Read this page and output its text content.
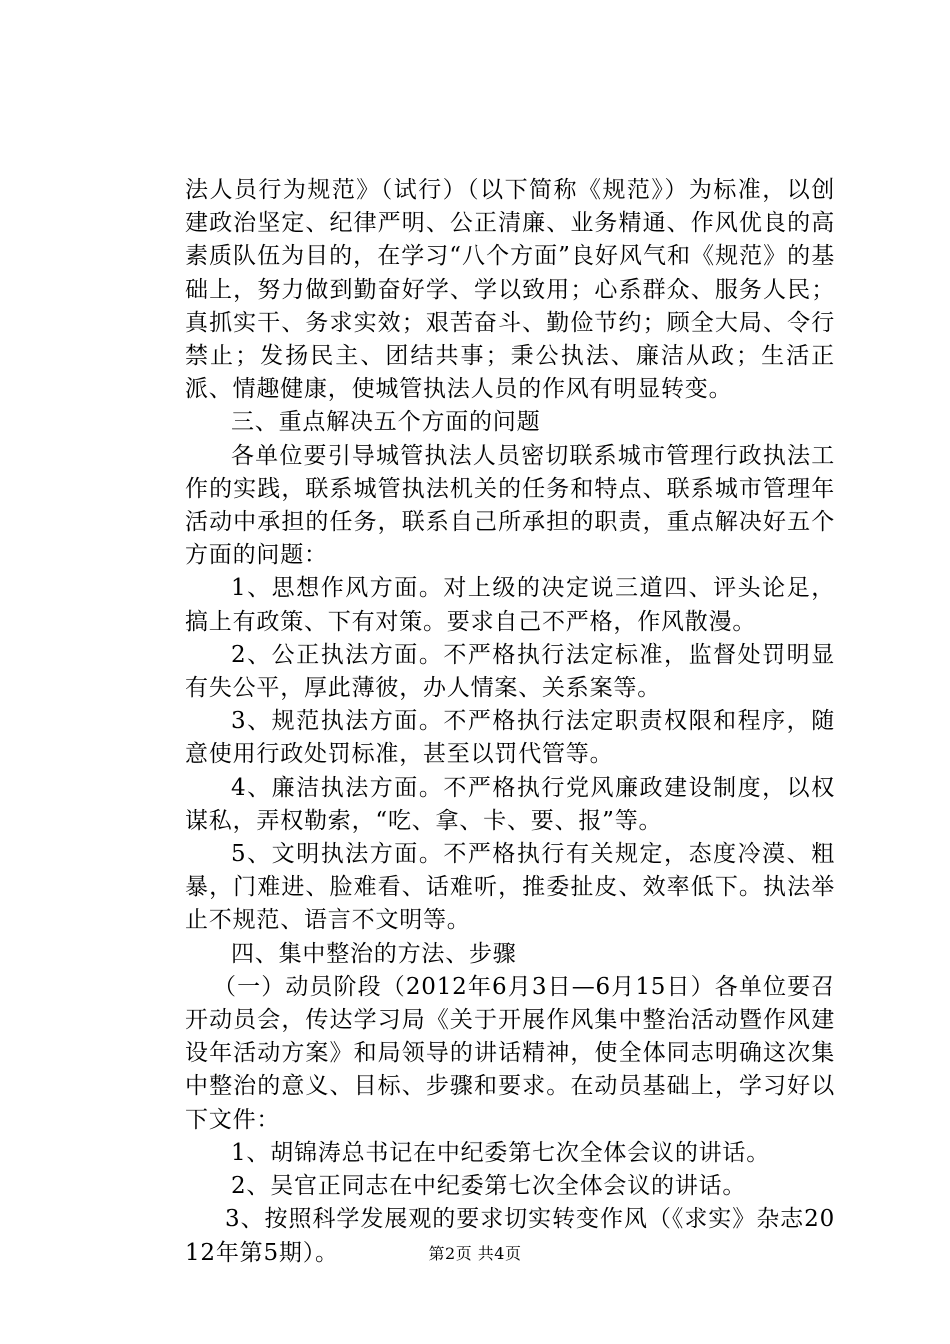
法人员行为规范》（试行）（以下简称《规范》）为标准，以创建政治坚定、纪律严明、公正清廉、业务精通、作风优良的高素质队伍为目的，在学习“八个方面”良好风气和《规范》的基础上，努力做到勤奋好学、学以致用；心系群众、服务人民；真抓实干、务求实效；艰苦奋斗、勤俭节约；顾全大局、令行禁止；发扬民主、团结共事；秉公执法、廉洁从政；生活正派、情趣健康，使城管执法人员的作风有明显转变。

三、重点解决五个方面的问题

各单位要引导城管执法人员密切联系城市管理行政执法工作的实践，联系城管执法机关的任务和特点、联系城市管理年活动中承担的任务，联系自己所承担的职责，重点解决好五个方面的问题：

1、思想作风方面。对上级的决定说三道四、评头论足，搞上有政策、下有对策。要求自己不严格，作风散漫。

2、公正执法方面。不严格执行法定标准，监督处罚明显有失公平，厚此薄彼，办人情案、关系案等。

3、规范执法方面。不严格执行法定职责权限和程序，随意使用行政处罚标准，甚至以罚代管等。

4、廉洁执法方面。不严格执行党风廉政建设制度，以权谋私，弄权勒索，“吃、拿、卡、要、报”等。

5、文明执法方面。不严格执行有关规定，态度冷漠、粗暴，门难进、脸难看、话难听，推委扯皮、效率低下。执法举止不规范、语言不文明等。

四、集中整治的方法、步骤

（一）动员阶段（2012年6月3日—6月15日）各单位要召开动员会，传达学习局《关于开展作风集中整治活动暨作风建设年活动方案》和局领导的讲话精神，使全体同志明确这次集中整治的意义、目标、步骤和要求。在动员基础上，学习好以下文件：

1、胡锦涛总书记在中纪委第七次全体会议的讲话。

2、吴官正同志在中纪委第七次全体会议的讲话。

3、按照科学发展观的要求切实转变作风（《求实》杂志2012年第5期）。	第2页 共4页
